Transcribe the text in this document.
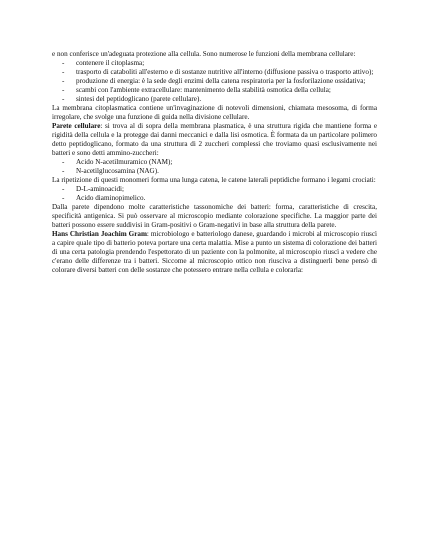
e non conferisce un'adeguata protezione alla cellula. Sono numerose le funzioni della membrana cellulare:

- contenere il citoplasma;
- trasporto di cataboliti all'esterno e di sostanze nutritive all'interno (diffusione passiva o trasporto attivo);
- produzione di energia: è la sede degli enzimi della catena respiratoria per la fosforilazione ossidativa;
- scambi con l'ambiente extracellulare: mantenimento della stabilità osmotica della cellula;
- sintesi del peptidoglicano (parete cellulare).

La membrana citoplasmatica contiene un'invaginazione di notevoli dimensioni, chiamata mesosoma, di forma irregolare, che svolge una funzione di guida nella divisione cellulare.

Parete cellulare: si trova al di sopra della membrana plasmatica, è una struttura rigida che mantiene forma e rigidità della cellula e la protegge dai danni meccanici e dalla lisi osmotica. È formata da un particolare polimero detto peptidoglicano, formato da una struttura di 2 zuccheri complessi che troviamo quasi esclusivamente nei batteri e sono detti ammino-zuccheri:

- Acido N-acetilmuramico (NAM);
- N-acetilglucosamina (NAG).

La ripetizione di questi monomeri forma una lunga catena, le catene laterali peptidiche formano i legami crociati:

- D-L-aminoacidi;
- Acido diaminopimelico.

Dalla parete dipendono molte caratteristiche tassonomiche dei batteri: forma, caratteristiche di crescita, specificità antigenica. Si può osservare al microscopio mediante colorazione specifiche. La maggior parte dei batteri possono essere suddivisi in Gram-positivi o Gram-negativi in base alla struttura della parete.

Hans Christian Joachim Gram: microbiologo e batteriologo danese, guardando i microbi al microscopio riuscì a capire quale tipo di batterio poteva portare una certa malattia. Mise a punto un sistema di colorazione dei batteri di una certa patologia prendendo l'espettorato di un paziente con la polmonite, al microscopio riuscì a vedere che c'erano delle differenze tra i batteri. Siccome al microscopio ottico non riusciva a distinguerli bene pensò di colorare diversi batteri con delle sostanze che potessero entrare nella cellula e colorarla:
